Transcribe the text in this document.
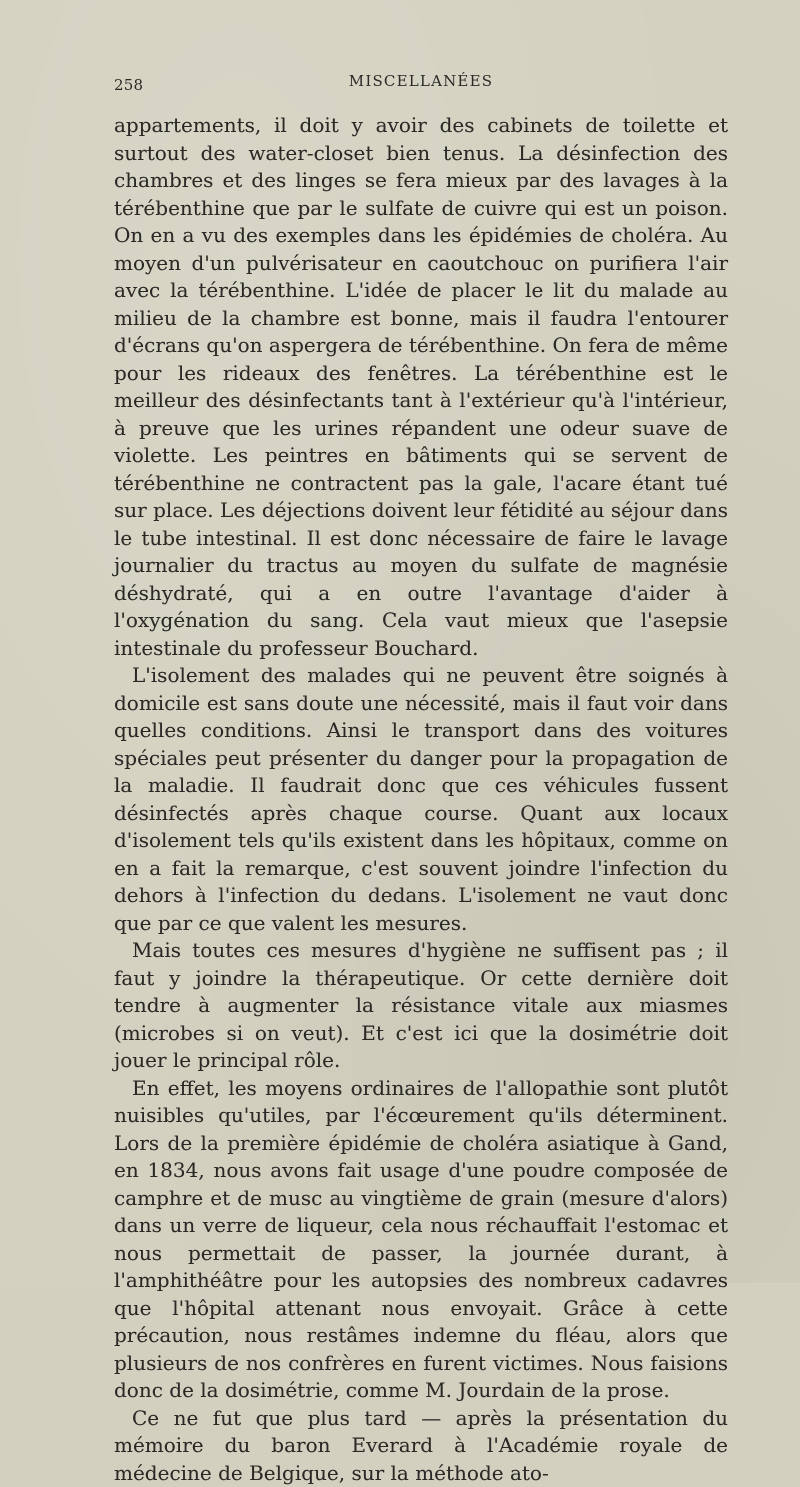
258	MISCELLANÉES

appartements, il doit y avoir des cabinets de toilette et surtout des water-closet bien tenus. La désinfection des chambres et des linges se fera mieux par des lavages à la térébenthine que par le sulfate de cuivre qui est un poison. On en a vu des exemples dans les épidémies de choléra. Au moyen d'un pulvérisateur en caoutchouc on purifiera l'air avec la térébenthine. L'idée de placer le lit du malade au milieu de la chambre est bonne, mais il faudra l'entourer d'écrans qu'on aspergera de térébenthine. On fera de même pour les rideaux des fenêtres. La térébenthine est le meilleur des désinfectants tant à l'extérieur qu'à l'intérieur, à preuve que les urines répandent une odeur suave de violette. Les peintres en bâtiments qui se servent de térébenthine ne contractent pas la gale, l'acare étant tué sur place. Les déjections doivent leur fétidité au séjour dans le tube intestinal. Il est donc nécessaire de faire le lavage journalier du tractus au moyen du sulfate de magnésie déshydraté, qui a en outre l'avantage d'aider à l'oxygénation du sang. Cela vaut mieux que l'asepsie intestinale du professeur Bouchard.

L'isolement des malades qui ne peuvent être soignés à domicile est sans doute une nécessité, mais il faut voir dans quelles conditions. Ainsi le transport dans des voitures spéciales peut présenter du danger pour la propagation de la maladie. Il faudrait donc que ces véhicules fussent désinfectés après chaque course. Quant aux locaux d'isolement tels qu'ils existent dans les hôpitaux, comme on en a fait la remarque, c'est souvent joindre l'infection du dehors à l'infection du dedans. L'isolement ne vaut donc que par ce que valent les mesures.

Mais toutes ces mesures d'hygiène ne suffisent pas ; il faut y joindre la thérapeutique. Or cette dernière doit tendre à augmenter la résistance vitale aux miasmes (microbes si on veut). Et c'est ici que la dosimétrie doit jouer le principal rôle.

En effet, les moyens ordinaires de l'allopathie sont plutôt nuisibles qu'utiles, par l'écœurement qu'ils déterminent. Lors de la première épidémie de choléra asiatique à Gand, en 1834, nous avons fait usage d'une poudre composée de camphre et de musc au vingtième de grain (mesure d'alors) dans un verre de liqueur, cela nous réchauffait l'estomac et nous permettait de passer, la journée durant, à l'amphithéâtre pour les autopsies des nombreux cadavres que l'hôpital attenant nous envoyait. Grâce à cette précaution, nous restâmes indemne du fléau, alors que plusieurs de nos confrères en furent victimes. Nous faisions donc de la dosimétrie, comme M. Jourdain de la prose.

Ce ne fut que plus tard — après la présentation du mémoire du baron Everard à l'Académie royale de médecine de Belgique, sur la méthode ato-
